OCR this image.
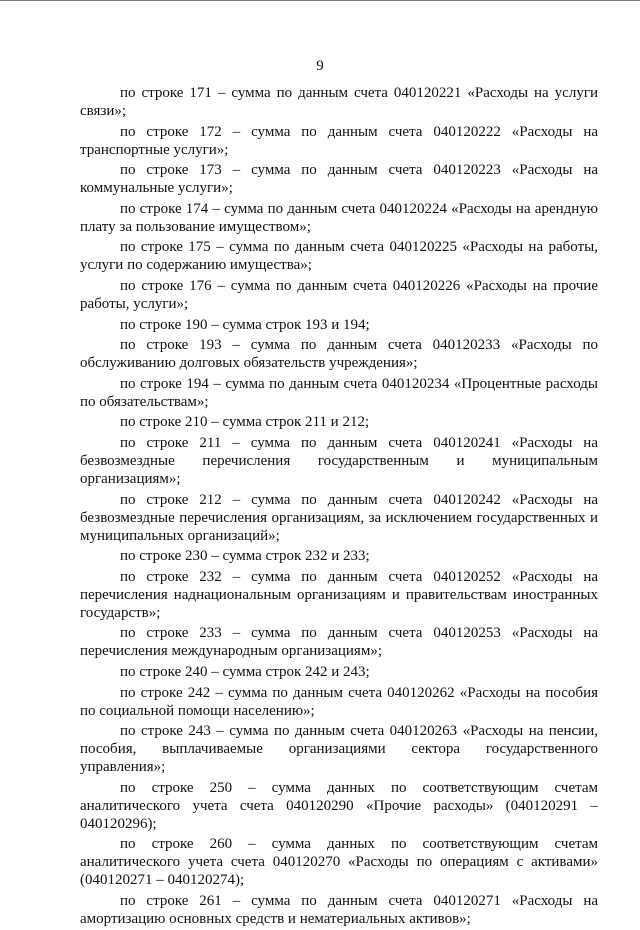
9

по строке 171 – сумма по данным счета 040120221 «Расходы на услуги связи»;

по строке 172 – сумма по данным счета 040120222 «Расходы на транспортные услуги»;

по строке 173 – сумма по данным счета 040120223 «Расходы на коммунальные услуги»;

по строке 174 – сумма по данным счета 040120224 «Расходы на арендную плату за пользование имуществом»;

по строке 175 – сумма по данным счета 040120225 «Расходы на работы, услуги по содержанию имущества»;

по строке 176 – сумма по данным счета 040120226 «Расходы на прочие работы, услуги»;

по строке 190 – сумма строк 193 и 194;

по строке 193 – сумма по данным счета 040120233 «Расходы по обслуживанию долговых обязательств учреждения»;

по строке 194 – сумма по данным счета 040120234 «Процентные расходы по обязательствам»;

по строке 210 – сумма строк 211 и 212;

по строке 211 – сумма по данным счета 040120241 «Расходы на безвозмездные перечисления государственным и муниципальным организациям»;

по строке 212 – сумма по данным счета 040120242 «Расходы на безвозмездные перечисления организациям, за исключением государственных и муниципальных организаций»;

по строке 230 – сумма строк 232 и 233;

по строке 232 – сумма по данным счета 040120252 «Расходы на перечисления наднациональным организациям и правительствам иностранных государств»;

по строке 233 – сумма по данным счета 040120253 «Расходы на перечисления международным организациям»;

по строке 240 – сумма строк 242 и 243;

по строке 242 – сумма по данным счета 040120262 «Расходы на пособия по социальной помощи населению»;

по строке 243 – сумма по данным счета 040120263 «Расходы на пенсии, пособия, выплачиваемые организациями сектора государственного управления»;

по строке 250 – сумма данных по соответствующим счетам аналитического учета счета 040120290 «Прочие расходы» (040120291 – 040120296);

по строке 260 – сумма данных по соответствующим счетам аналитического учета счета 040120270 «Расходы по операциям с активами» (040120271 – 040120274);

по строке 261 – сумма по данным счета 040120271 «Расходы на амортизацию основных средств и нематериальных активов»;
